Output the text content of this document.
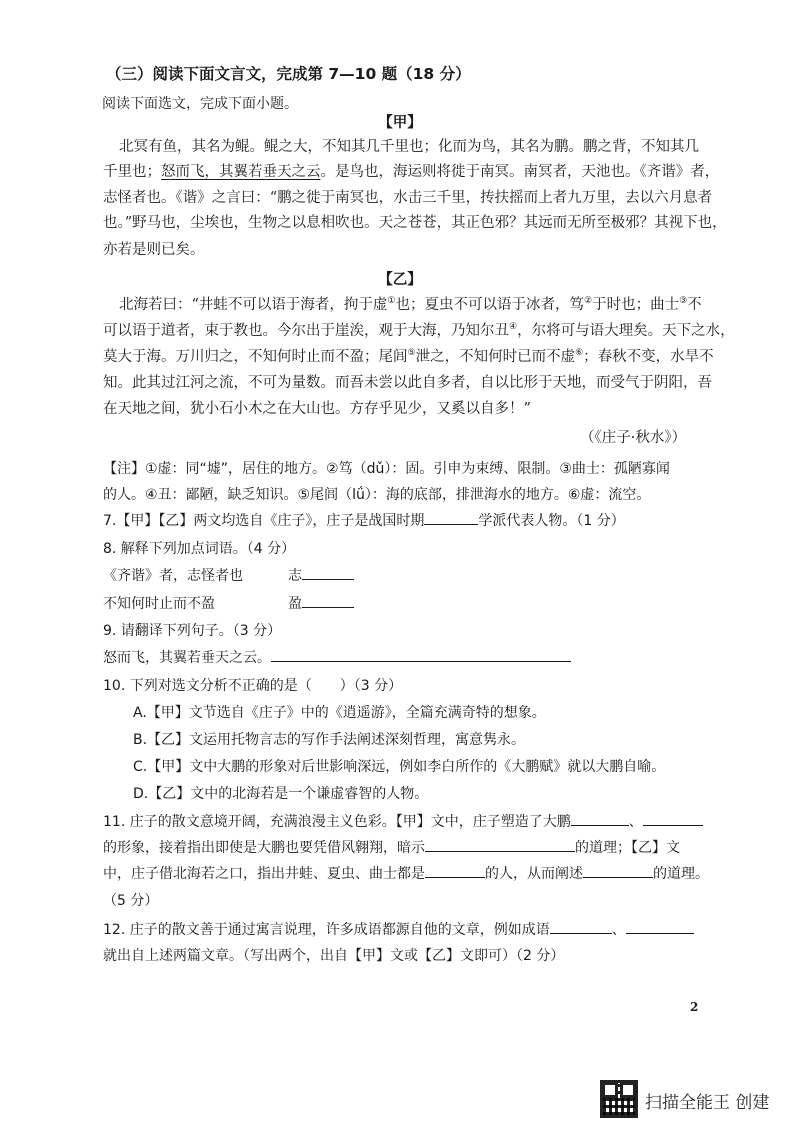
（三）阅读下面文言文，完成第 7—10 题（18 分）
阅读下面选文，完成下面小题。
【甲】
北冥有鱼，其名为鲲。鲲之大，不知其几千里也；化而为鸟，其名为鹏。鹏之背，不知其几
千里也；怒而飞，其翼若垂天之云。是鸟也，海运则将徙于南冥。南冥者，天池也。《齐谐》者，
志怪者也。《谐》之言曰：“鹏之徙于南冥也，水击三千里，抟扶摇而上者九万里，去以六月息者
也。”野马也，尘埃也，生物之以息相吹也。天之苍苍，其正色邪？其远而无所至极邪？其视下也，
亦若是则已矣。
【乙】
北海若曰：“井蛙不可以语于海者，拘于虚①也；夏虫不可以语于冰者，笃②于时也；曲士③不
可以语于道者，束于教也。今尔出于崖涘，观于大海，乃知尔丑④，尔将可与语大理矣。天下之水，
莫大于海。万川归之，不知何时止而不盈；尾闾⑤泄之，不知何时已而不虚⑥；春秋不变，水旱不
知。此其过江河之流，不可为量数。而吾未尝以此自多者，自以比形于天地，而受气于阴阳，吾
在天地之间，犹小石小木之在大山也。方存乎见少，又奚以自多！”
（《庄子·秋水》）
【注】①虚：同“墟”，居住的地方。②笃（dǔ）：固。引申为束缚、限制。③曲士：孤陋寡闻
的人。④丑：鄙陋，缺乏知识。⑤尾闾（lǘ）：海的底部，排泄海水的地方。⑥虚：流空。
7.【甲】【乙】两文均选自《庄子》，庄子是战国时期	学派代表人物。（1 分）
8. 解释下列加点词语。（4 分）
《齐谐》者，志怪者也	志
不知何时止而不盈	盈
9. 请翻译下列句子。（3 分）
怒而飞，其翼若垂天之云。
10. 下列对选文分析不正确的是（　　）（3 分）
A.【甲】文节选自《庄子》中的《逍遥游》，全篇充满奇特的想象。
B.【乙】文运用托物言志的写作手法阐述深刻哲理，寓意隽永。
C.【甲】文中大鹏的形象对后世影响深远，例如李白所作的《大鹏赋》就以大鹏自喻。
D.【乙】文中的北海若是一个谦虚睿智的人物。
11. 庄子的散文意境开阔，充满浪漫主义色彩。【甲】文中，庄子塑造了大鹏	、
的形象，接着指出即使是大鹏也要凭借风翱翔，暗示	的道理；【乙】文
中，庄子借北海若之口，指出井蛙、夏虫、曲士都是	的人，从而阐述	的道理。
（5 分）
12. 庄子的散文善于通过寓言说理，许多成语都源自他的文章，例如成语	、
就出自上述两篇文章。（写出两个，出自【甲】文或【乙】文即可）（2 分）
2
扫描全能王 创建
